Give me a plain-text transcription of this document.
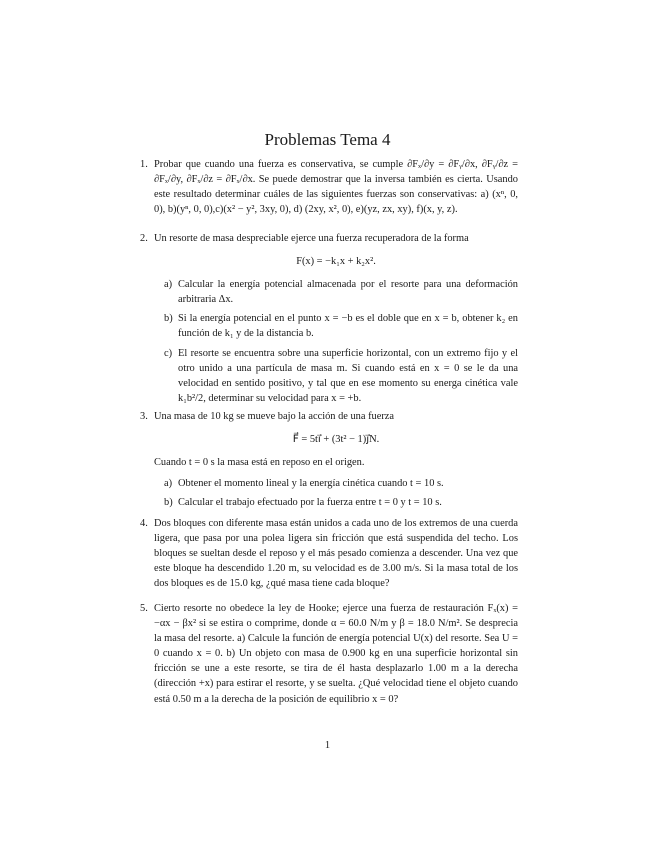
Problemas Tema 4
1. Probar que cuando una fuerza es conservativa, se cumple ∂Fₓ/∂y = ∂Fᵧ/∂x, ∂Fᵧ/∂z = ∂Fₓ/∂y, ∂Fₓ/∂z = ∂Fₓ/∂x. Se puede demostrar que la inversa también es cierta. Usando este resultado determinar cuáles de las siguientes fuerzas son conservativas: a) (xⁿ, 0, 0), b)(yⁿ, 0, 0),c)(x² − y², 3xy, 0), d) (2xy, x², 0), e)(yz, zx, xy), f)(x, y, z).
2. Un resorte de masa despreciable ejerce una fuerza recuperadora de la forma
F(x) = −k₁x + k₂x².
a) Calcular la energía potencial almacenada por el resorte para una deformación arbitraria Δx.
b) Si la energía potencial en el punto x = −b es el doble que en x = b, obtener k₂ en función de k₁ y de la distancia b.
c) El resorte se encuentra sobre una superficie horizontal, con un extremo fijo y el otro unido a una partícula de masa m. Si cuando está en x = 0 se le da una velocidad en sentido positivo, y tal que en ese momento su energa cinética vale k₁b²/2, determinar su velocidad para x = +b.
3. Una masa de 10 kg se mueve bajo la acción de una fuerza
F⃗ = 5ti⃗ + (3t² − 1)j⃗N.
Cuando t = 0 s la masa está en reposo en el origen.
a) Obtener el momento lineal y la energía cinética cuando t = 10 s.
b) Calcular el trabajo efectuado por la fuerza entre t = 0 y t = 10 s.
4. Dos bloques con diferente masa están unidos a cada uno de los extremos de una cuerda ligera, que pasa por una polea ligera sin fricción que está suspendida del techo. Los bloques se sueltan desde el reposo y el más pesado comienza a descender. Una vez que este bloque ha descendido 1.20 m, su velocidad es de 3.00 m/s. Si la masa total de los dos bloques es de 15.0 kg, ¿qué masa tiene cada bloque?
5. Cierto resorte no obedece la ley de Hooke; ejerce una fuerza de restauración Fₓ(x) = −αx − βx² si se estira o comprime, donde α = 60.0 N/m y β = 18.0 N/m². Se desprecia la masa del resorte. a) Calcule la función de energía potencial U(x) del resorte. Sea U = 0 cuando x = 0. b) Un objeto con masa de 0.900 kg en una superficie horizontal sin fricción se une a este resorte, se tira de él hasta desplazarlo 1.00 m a la derecha (dirección +x) para estirar el resorte, y se suelta. ¿Qué velocidad tiene el objeto cuando está 0.50 m a la derecha de la posición de equilibrio x = 0?
1
